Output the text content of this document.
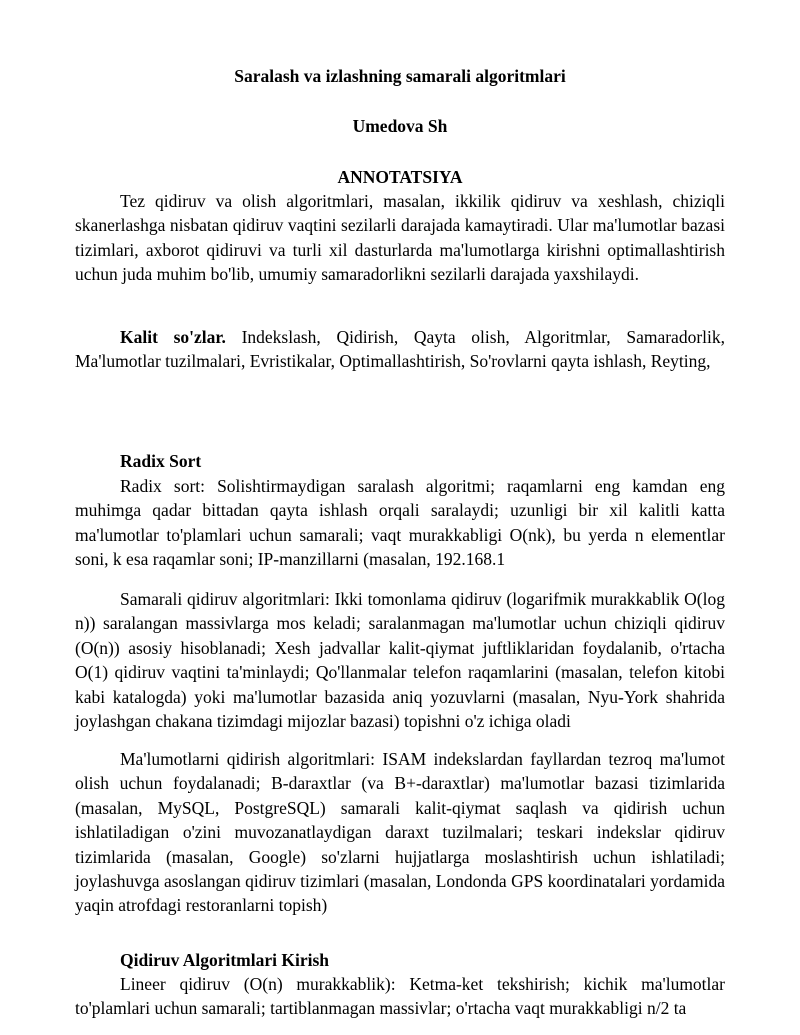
Saralash va izlashning samarali algoritmlari

Umedova Sh

ANNOTATSIYA

Tez qidiruv va olish algoritmlari, masalan, ikkilik qidiruv va xeshlash, chiziqli skanerlashga nisbatan qidiruv vaqtini sezilarli darajada kamaytiradi. Ular ma'lumotlar bazasi tizimlari, axborot qidiruvi va turli xil dasturlarda ma'lumotlarga kirishni optimallashtirish uchun juda muhim bo'lib, umumiy samaradorlikni sezilarli darajada yaxshilaydi.

Kalit so'zlar. Indekslash, Qidirish, Qayta olish, Algoritmlar, Samaradorlik, Ma'lumotlar tuzilmalari, Evristikalar, Optimallashtirish, So'rovlarni qayta ishlash, Reyting,

Radix Sort

Radix sort: Solishtirmaydigan saralash algoritmi; raqamlarni eng kamdan eng muhimga qadar bittadan qayta ishlash orqali saralaydi; uzunligi bir xil kalitli katta ma'lumotlar to'plamlari uchun samarali; vaqt murakkabligi O(nk), bu yerda n elementlar soni, k esa raqamlar soni; IP-manzillarni (masalan, 192.168.1

Samarali qidiruv algoritmlari: Ikki tomonlama qidiruv (logarifmik murakkablik O(log n)) saralangan massivlarga mos keladi; saralanmagan ma'lumotlar uchun chiziqli qidiruv (O(n)) asosiy hisoblanadi; Xesh jadvallar kalit-qiymat juftliklaridan foydalanib, o'rtacha O(1) qidiruv vaqtini ta'minlaydi; Qo'llanmalar telefon raqamlarini (masalan, telefon kitobi kabi katalogda) yoki ma'lumotlar bazasida aniq yozuvlarni (masalan, Nyu-York shahrida joylashgan chakana tizimdagi mijozlar bazasi) topishni o'z ichiga oladi

Ma'lumotlarni qidirish algoritmlari: ISAM indekslardan fayllardan tezroq ma'lumot olish uchun foydalanadi; B-daraxtlar (va B+-daraxtlar) ma'lumotlar bazasi tizimlarida (masalan, MySQL, PostgreSQL) samarali kalit-qiymat saqlash va qidirish uchun ishlatiladigan o'zini muvozanatlaydigan daraxt tuzilmalari; teskari indekslar qidiruv tizimlarida (masalan, Google) so'zlarni hujjatlarga moslashtirish uchun ishlatiladi; joylashuvga asoslangan qidiruv tizimlari (masalan, Londonda GPS koordinatalari yordamida yaqin atrofdagi restoranlarni topish)

Qidiruv Algoritmlari Kirish

Lineer qidiruv (O(n) murakkablik): Ketma-ket tekshirish; kichik ma'lumotlar to'plamlari uchun samarali; tartiblanmagan massivlar; o'rtacha vaqt murakkabligi n/2 ta
